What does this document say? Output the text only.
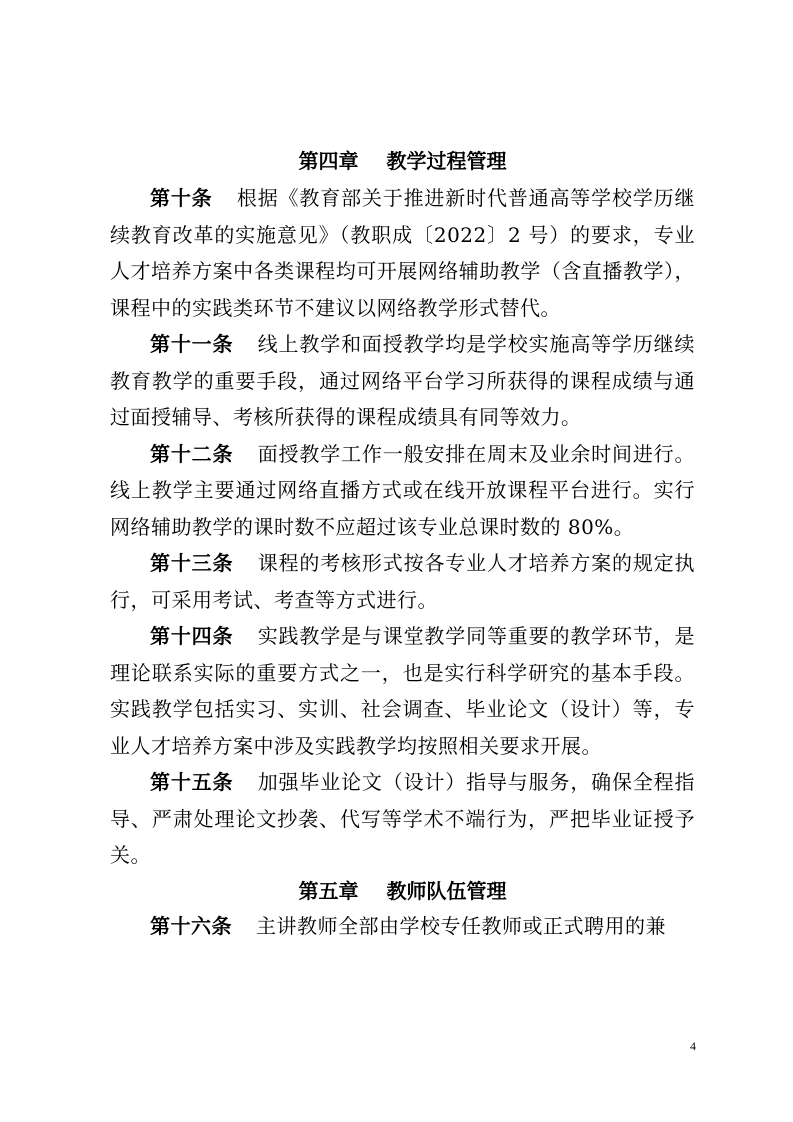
第四章 教学过程管理

第十条 根据《教育部关于推进新时代普通高等学校学历继续教育改革的实施意见》（教职成〔2022〕2 号）的要求，专业人才培养方案中各类课程均可开展网络辅助教学（含直播教学），课程中的实践类环节不建议以网络教学形式替代。

第十一条 线上教学和面授教学均是学校实施高等学历继续教育教学的重要手段，通过网络平台学习所获得的课程成绩与通过面授辅导、考核所获得的课程成绩具有同等效力。

第十二条 面授教学工作一般安排在周末及业余时间进行。线上教学主要通过网络直播方式或在线开放课程平台进行。实行网络辅助教学的课时数不应超过该专业总课时数的 80%。

第十三条 课程的考核形式按各专业人才培养方案的规定执行，可采用考试、考查等方式进行。

第十四条 实践教学是与课堂教学同等重要的教学环节，是理论联系实际的重要方式之一，也是实行科学研究的基本手段。实践教学包括实习、实训、社会调查、毕业论文（设计）等，专业人才培养方案中涉及实践教学均按照相关要求开展。

第十五条 加强毕业论文（设计）指导与服务，确保全程指导、严肃处理论文抄袭、代写等学术不端行为，严把毕业证授予关。

第五章 教师队伍管理

第十六条 主讲教师全部由学校专任教师或正式聘用的兼

4
